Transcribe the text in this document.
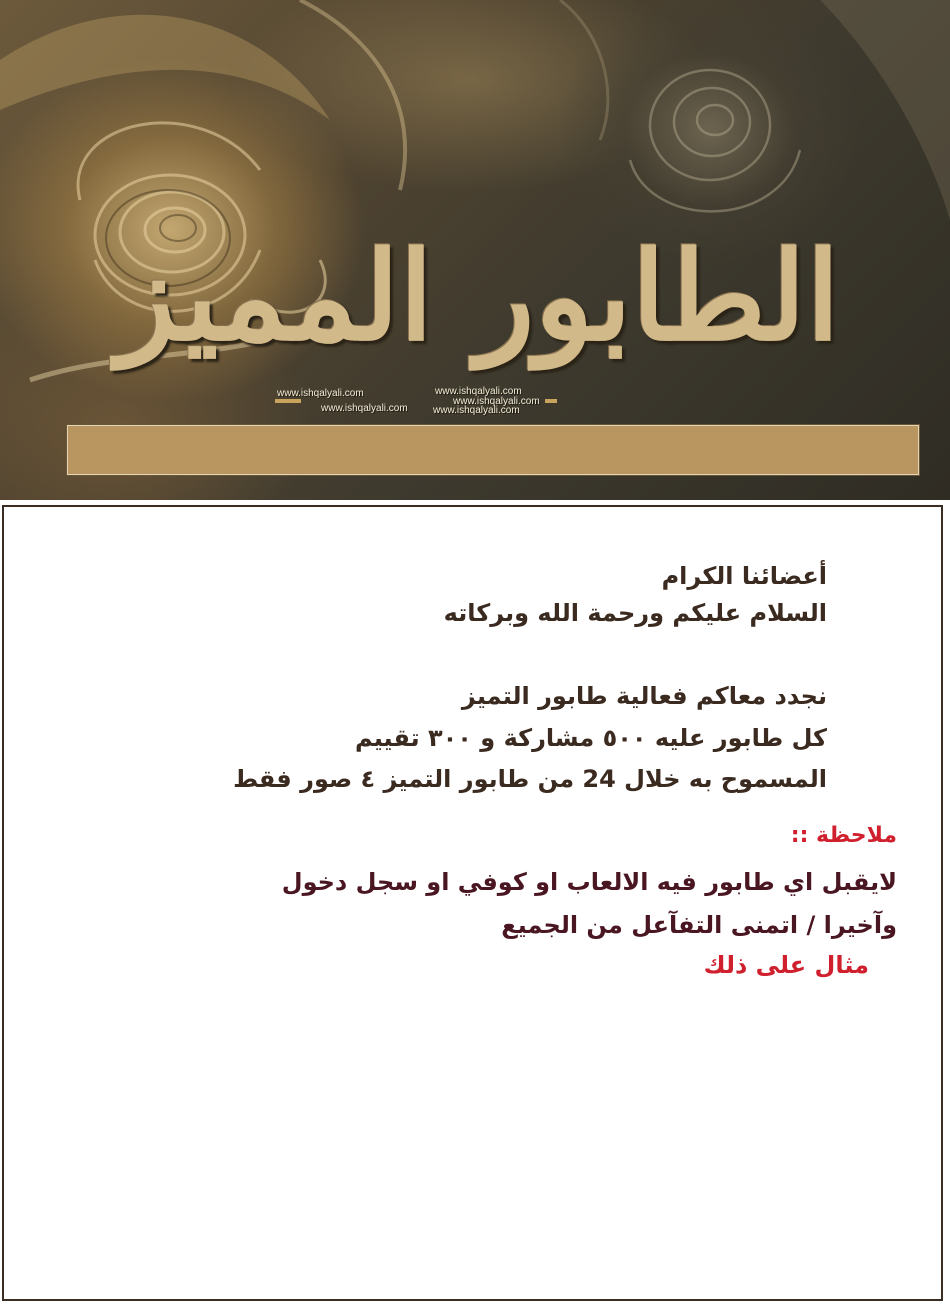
الطابور المميز
www.ishqalyali.com	www.ishqalyali.com
www.ishqalyali.com
www.ishqalyali.com	www.ishqalyali.com
أعضائنا الكرام
السلام عليكم ورحمة الله وبركاته
نجدد معاكم فعالية طابور التميز
كل طابور عليه ٥٠٠ مشاركة و ٣٠٠ تقييم
المسموح به خلال 24 من طابور التميز ٤ صور فقط
ملاحظة ::
لايقبل اي طابور فيه الالعاب او كوفي او سجل دخول
وآخيرا / اتمنى التفآعل من الجميع
مثال على ذلك
